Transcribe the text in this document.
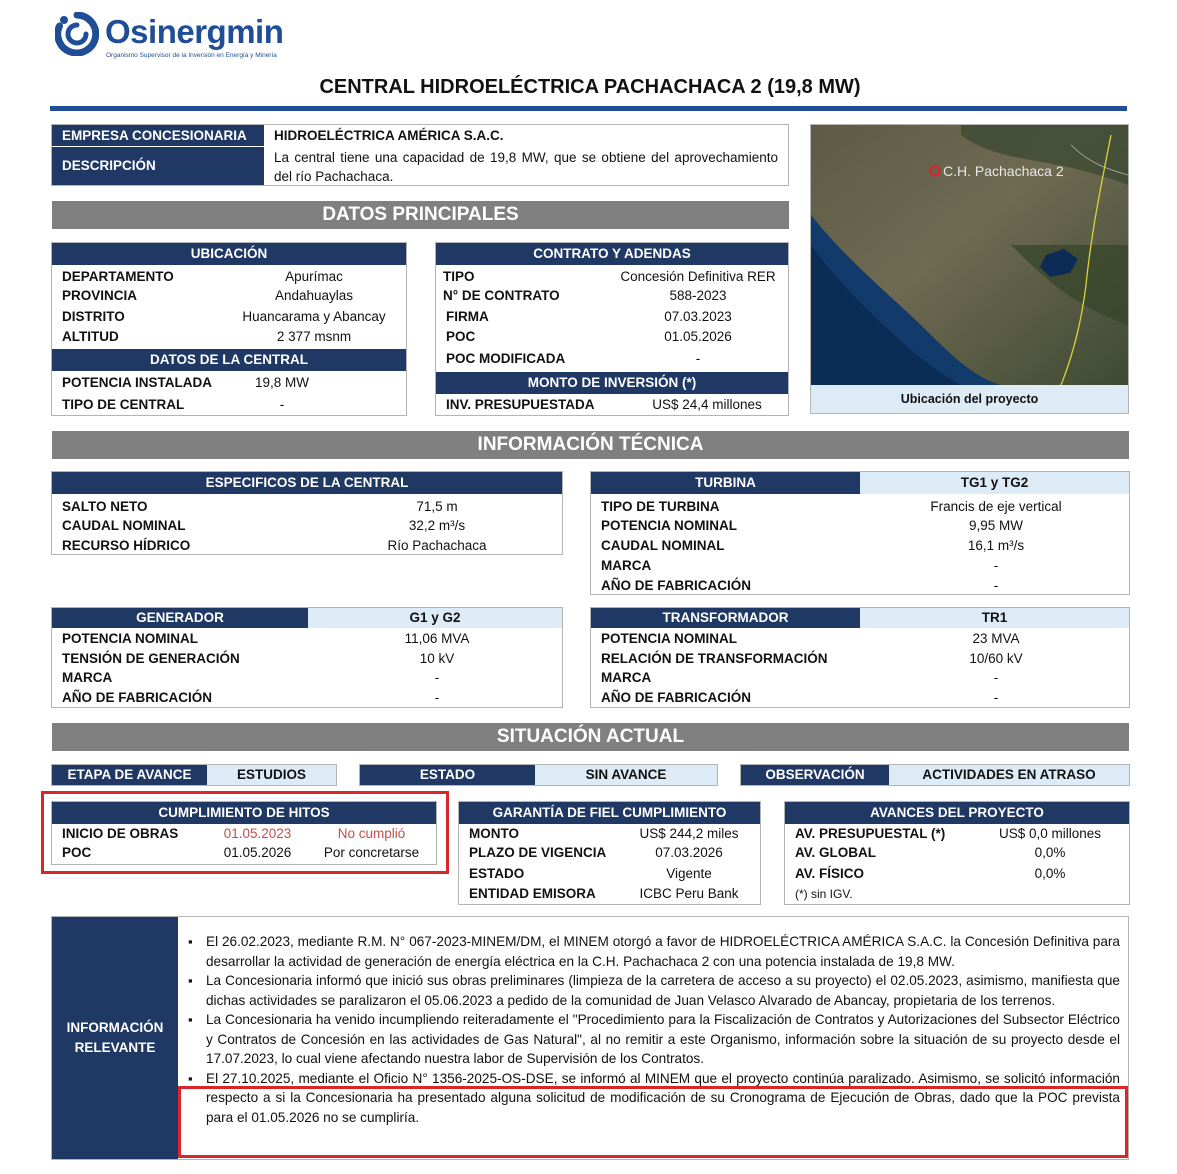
Osinergmin
Organismo Supervisor de la Inversión en Energía y Minería
CENTRAL HIDROELÉCTRICA PACHACHACA 2 (19,8 MW)
EMPRESA CONCESIONARIA	HIDROELÉCTRICA AMÉRICA S.A.C.
DESCRIPCIÓN
La central tiene una capacidad de 19,8 MW, que se obtiene del aprovechamiento del río Pachachaca.	C.H. Pachachaca 2
Ubicación del proyecto
DATOS PRINCIPALES
UBICACIÓN
DEPARTAMENTO	Apurímac
PROVINCIA	Andahuaylas
DISTRITO	Huancarama y Abancay
ALTITUD	2 377 msnm
DATOS DE LA CENTRAL
POTENCIA INSTALADA	19,8 MW
TIPO DE CENTRAL	-
CONTRATO Y ADENDAS
TIPO	Concesión Definitiva RER
N° DE CONTRATO	588-2023
FIRMA	07.03.2023
POC	01.05.2026
POC MODIFICADA	-
MONTO DE INVERSIÓN (*)
INV. PRESUPUESTADA	US$ 24,4 millones
INFORMACIÓN TÉCNICA
ESPECIFICOS DE LA CENTRAL
SALTO NETO	71,5 m
CAUDAL NOMINAL	32,2 m³/s
RECURSO HÍDRICO	Río Pachachaca
TURBINA	TG1 y TG2
TIPO DE TURBINA	Francis de eje vertical
POTENCIA NOMINAL	9,95 MW
CAUDAL NOMINAL	16,1 m³/s
MARCA	-
AÑO DE FABRICACIÓN	-
GENERADOR	G1 y G2
POTENCIA NOMINAL	11,06 MVA
TENSIÓN DE GENERACIÓN	10 kV
MARCA	-
AÑO DE FABRICACIÓN	-
TRANSFORMADOR	TR1
POTENCIA NOMINAL	23 MVA
RELACIÓN DE TRANSFORMACIÓN	10/60 kV
MARCA	-
AÑO DE FABRICACIÓN	-
SITUACIÓN ACTUAL
ETAPA DE AVANCE	ESTUDIOS	ESTADO	SIN AVANCE	OBSERVACIÓN	ACTIVIDADES EN ATRASO
CUMPLIMIENTO DE HITOS
INICIO DE OBRAS	01.05.2023	No cumplió
POC	01.05.2026	Por concretarse
GARANTÍA DE FIEL CUMPLIMIENTO
MONTO	US$ 244,2 miles
PLAZO DE VIGENCIA	07.03.2026
ESTADO	Vigente
ENTIDAD EMISORA	ICBC Peru Bank
AVANCES DEL PROYECTO
AV. PRESUPUESTAL (*)	US$ 0,0 millones
AV. GLOBAL	0,0%
AV. FÍSICO	0,0%
(*) sin IGV.
INFORMACIÓN
RELEVANTE
▪ El 26.02.2023, mediante R.M. N° 067-2023-MINEM/DM, el MINEM otorgó a favor de HIDROELÉCTRICA AMÉRICA S.A.C. la Concesión Definitiva para desarrollar la actividad de generación de energía eléctrica en la C.H. Pachachaca 2 con una potencia instalada de 19,8 MW.
▪ La Concesionaria informó que inició sus obras preliminares (limpieza de la carretera de acceso a su proyecto) el 02.05.2023, asimismo, manifiesta que dichas actividades se paralizaron el 05.06.2023 a pedido de la comunidad de Juan Velasco Alvarado de Abancay, propietaria de los terrenos.
▪ La Concesionaria ha venido incumpliendo reiteradamente el "Procedimiento para la Fiscalización de Contratos y Autorizaciones del Subsector Eléctrico y Contratos de Concesión en las actividades de Gas Natural", al no remitir a este Organismo, información sobre la situación de su proyecto desde el 17.07.2023, lo cual viene afectando nuestra labor de Supervisión de los Contratos.
▪ El 27.10.2025, mediante el Oficio N° 1356-2025-OS-DSE, se informó al MINEM que el proyecto continúa paralizado. Asimismo, se solicitó información respecto a si la Concesionaria ha presentado alguna solicitud de modificación de su Cronograma de Ejecución de Obras, dado que la POC prevista para el 01.05.2026 no se cumpliría.
